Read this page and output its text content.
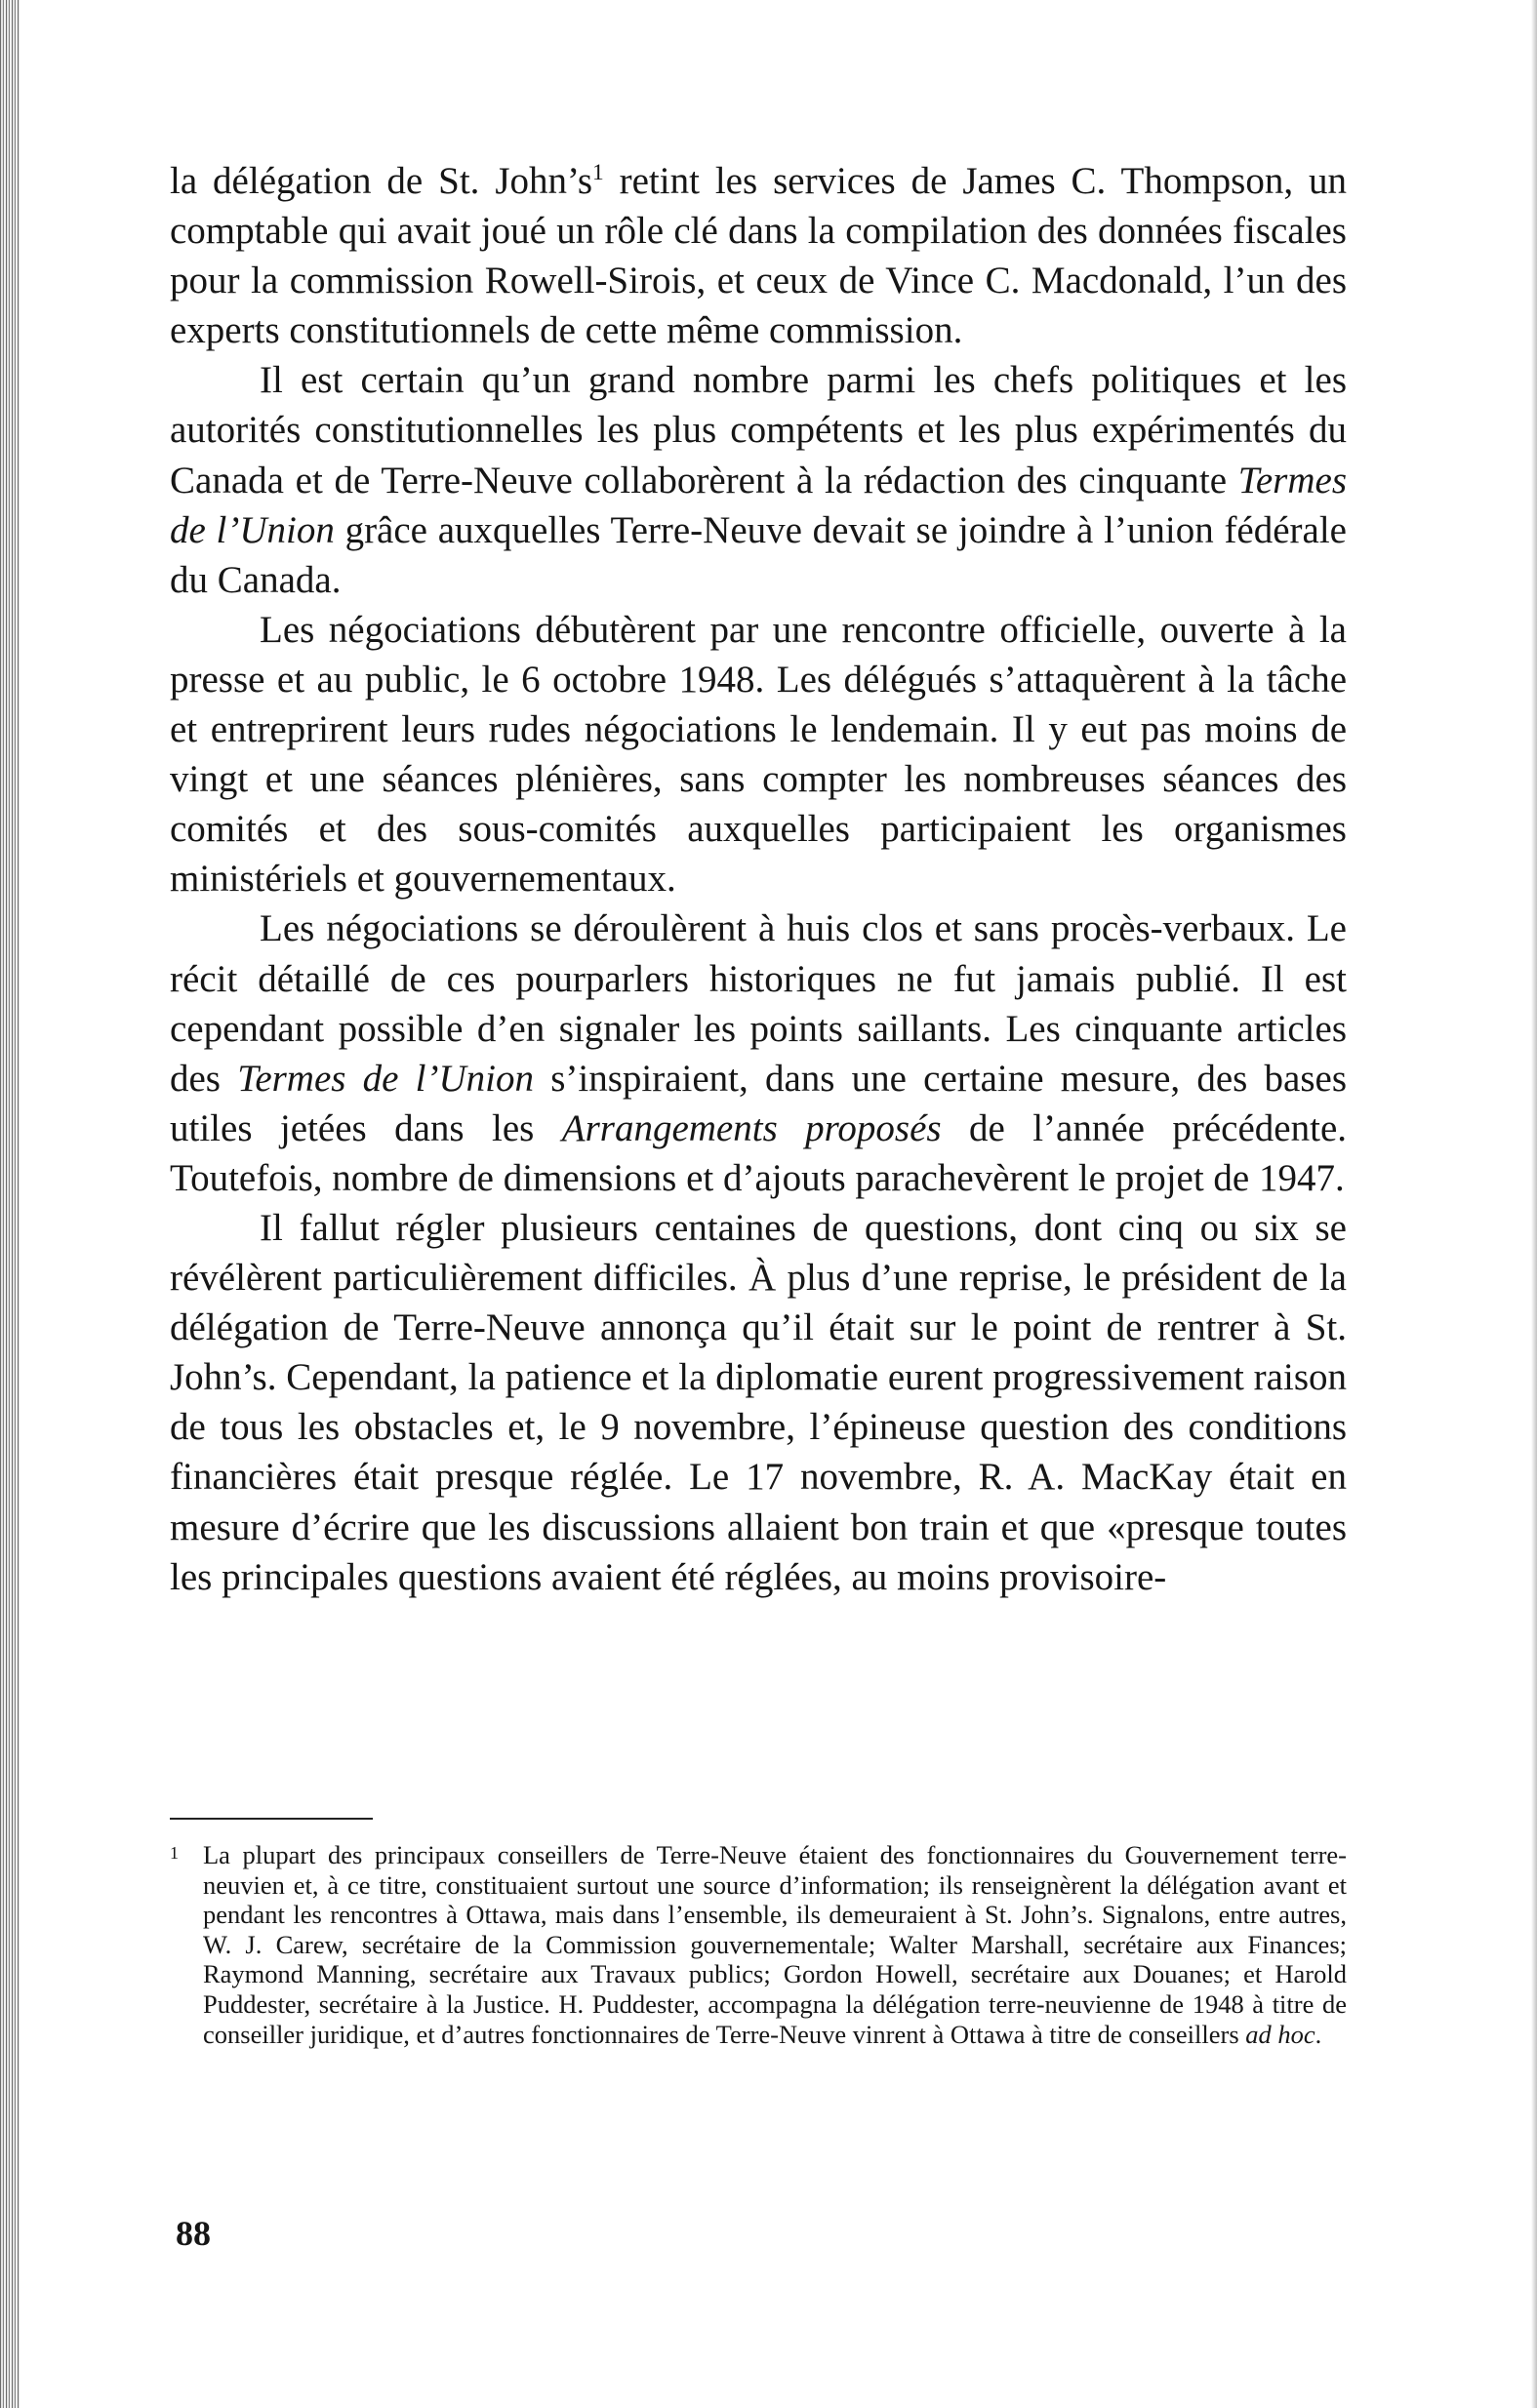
la délégation de St. $John’s^1$ retint les services de James C. Thompson, un comptable qui avait joué un rôle clé dans la compilation des données fiscales pour la commission Rowell-Sirois, et ceux de Vince C. Macdonald, l’un des experts constitutionnels de cette même commission.

Il est certain qu’un grand nombre parmi les chefs politiques et les autorités constitutionnelles les plus compétents et les plus expérimentés du Canada et de Terre-Neuve collaborèrent à la rédaction des cinquante Termes de l’Union grâce auxquelles Terre-Neuve devait se joindre à l’union fédérale du Canada.

Les négociations débutèrent par une rencontre officielle, ouverte à la presse et au public, le 6 octobre 1948. Les délégués s’attaquèrent à la tâche et entreprirent leurs rudes négociations le lendemain. Il y eut pas moins de vingt et une séances plénières, sans compter les nombreuses séances des comités et des sous-comités auxquelles participaient les organismes ministériels et gouvernementaux.

Les négociations se déroulèrent à huis clos et sans procès-verbaux. Le récit détaillé de ces pourparlers historiques ne fut jamais publié. Il est cependant possible d’en signaler les points saillants. Les cinquante articles des Termes de l’Union s’inspiraient, dans une certaine mesure, des bases utiles jetées dans les Arrangements proposés de l’année précédente. Toutefois, nombre de dimensions et d’ajouts parachevèrent le projet de 1947.

Il fallut régler plusieurs centaines de questions, dont cinq ou six se révélèrent particulièrement difficiles. À plus d’une reprise, le président de la délégation de Terre-Neuve annonça qu’il était sur le point de rentrer à St. John’s. Cependant, la patience et la diplomatie eurent progressivement raison de tous les obstacles et, le 9 novembre, l’épineuse question des conditions financières était presque réglée. Le 17 novembre, R. A. MacKay était en mesure d’écrire que les discussions allaient bon train et que «presque toutes les principales questions avaient été réglées, au moins provisoire-

1 La plupart des principaux conseillers de Terre-Neuve étaient des fonctionnaires du Gouvernement terre-neuvien et, à ce titre, constituaient surtout une source d’information; ils renseignèrent la délégation avant et pendant les rencontres à Ottawa, mais dans l’ensemble, ils demeuraient à St. John’s. Signalons, entre autres, W. J. Carew, secrétaire de la Commission gouvernementale; Walter Marshall, secrétaire aux Finances; Raymond Manning, secrétaire aux Travaux publics; Gordon Howell, secrétaire aux Douanes; et Harold Puddester, secrétaire à la Justice. H. Puddester, accompagna la délégation terre-neuvienne de 1948 à titre de conseiller juridique, et d’autres fonctionnaires de Terre-Neuve vinrent à Ottawa à titre de conseillers ad hoc.

88
